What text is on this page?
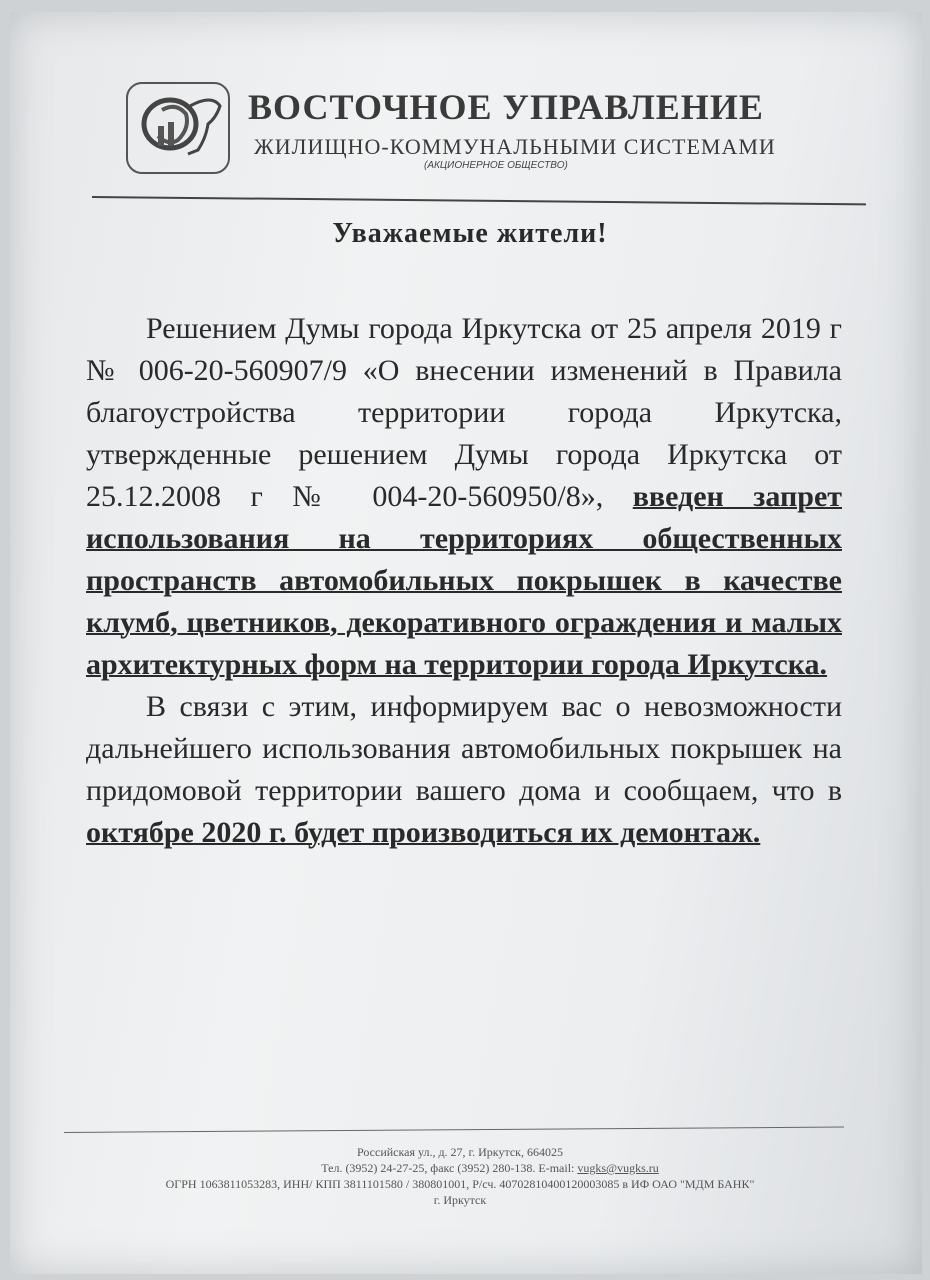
ВОСТОЧНОЕ УПРАВЛЕНИЕ
ЖИЛИЩНО-КОММУНАЛЬНЫМИ СИСТЕМАМИ
(АКЦИОНЕРНОЕ ОБЩЕСТВО)
Уважаемые жители!

Решением Думы города Иркутска от 25 апреля 2019 г № 006-20-560907/9 «О внесении изменений в Правила благоустройства территории города Иркутска, утвержденные решением Думы города Иркутска от 25.12.2008 г № 004-20-560950/8», введен запрет использования на территориях общественных пространств автомобильных покрышек в качестве клумб, цветников, декоративного ограждения и малых архитектурных форм на территории города Иркутска.

В связи с этим, информируем вас о невозможности дальнейшего использования автомобильных покрышек на придомовой территории вашего дома и сообщаем, что в октябре 2020 г. будет производиться их демонтаж.

Российская ул., д. 27, г. Иркутск, 664025
Тел. (3952) 24-27-25, факс (3952) 280-138. E-mail: vugks@vugks.ru
ОГРН 1063811053283, ИНН/ КПП 3811101580 / 380801001, Р/сч. 40702810400120003085 в ИФ ОАО "МДМ БАНК"
г. Иркутск
